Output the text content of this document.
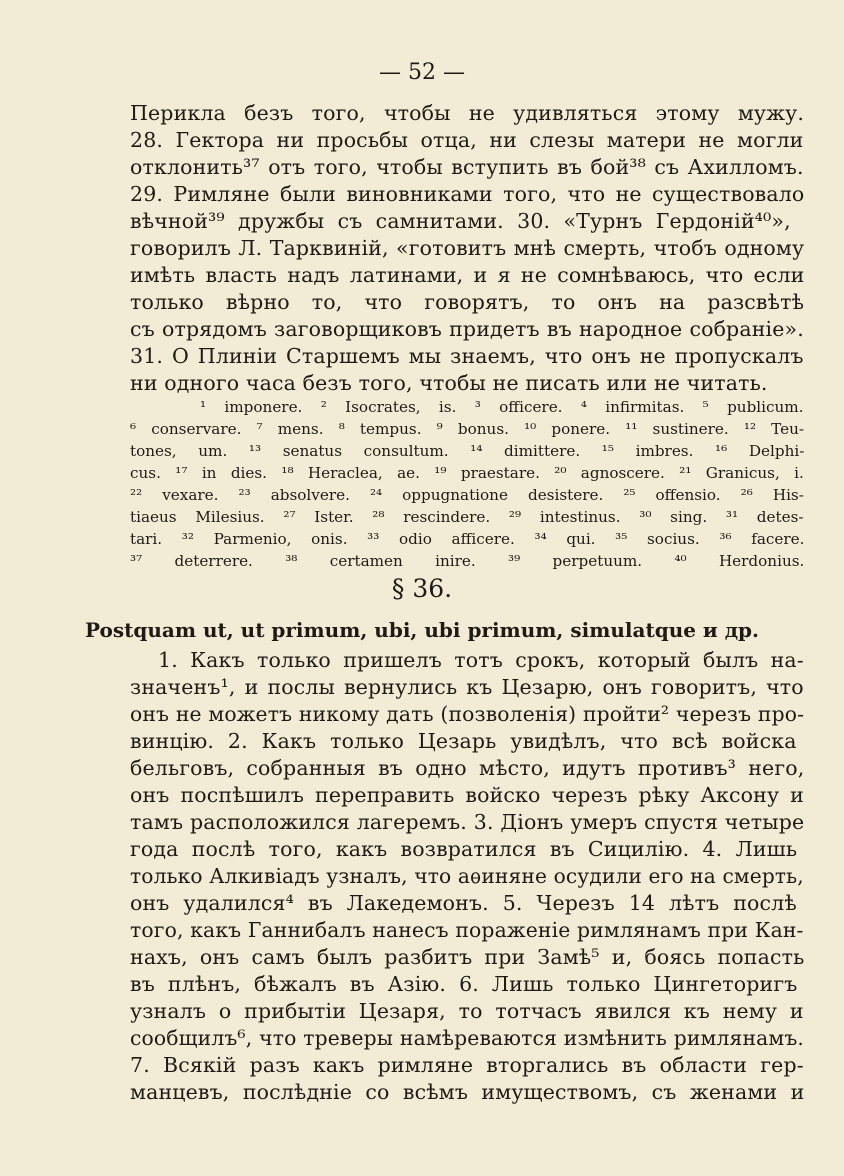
— 52 —
Перикла безъ того, чтобы не удивляться этому мужу.
28. Гектора ни просьбы отца, ни слезы матери не могли
отклонить³⁷ отъ того, чтобы вступить въ бой³⁸ съ Ахилломъ.
29. Римляне были виновниками того, что не существовало
вѣчной³⁹ дружбы съ самнитами. 30. «Турнъ Гердоній⁴⁰»,
говорилъ Л. Тарквиній, «готовитъ мнѣ смерть, чтобъ одному
имѣть власть надъ латинами, и я не сомнѣваюсь, что если
только вѣрно то, что говорятъ, то онъ на разсвѣтѣ
съ отрядомъ заговорщиковъ придетъ въ народное собраніе».
31. О Плиніи Старшемъ мы знаемъ, что онъ не пропускалъ
ни одного часа безъ того, чтобы не писать или не читать.
¹ imponere. ² Isocrates, is. ³ officere. ⁴ infirmitas. ⁵ publicum.
⁶ conservare. ⁷ mens. ⁸ tempus. ⁹ bonus. ¹⁰ ponere. ¹¹ sustinere. ¹² Teu-
tones, um. ¹³ senatus consultum. ¹⁴ dimittere. ¹⁵ imbres. ¹⁶ Delphi-
cus. ¹⁷ in dies. ¹⁸ Heraclea, ae. ¹⁹ praestare. ²⁰ agnoscere. ²¹ Granicus, i.
²² vexare. ²³ absolvere. ²⁴ oppugnatione desistere. ²⁵ offensio. ²⁶ His-
tiaeus Milesius. ²⁷ Ister. ²⁸ rescindere. ²⁹ intestinus. ³⁰ sing. ³¹ detes-
tari. ³² Parmenio, onis. ³³ odio afficere. ³⁴ qui. ³⁵ socius. ³⁶ facere.
³⁷ deterrere. ³⁸ certamen inire. ³⁹ perpetuum. ⁴⁰ Herdonius.
§ 36.
Postquam ut, ut primum, ubi, ubi primum, simulatque и др.
1. Какъ только пришелъ тотъ срокъ, который былъ на-
значенъ¹, и послы вернулись къ Цезарю, онъ говоритъ, что
онъ не можетъ никому дать (позволенія) пройти² черезъ про-
винцію. 2. Какъ только Цезарь увидѣлъ, что всѣ войска
бельговъ, собранныя въ одно мѣсто, идутъ противъ³ него,
онъ поспѣшилъ переправить войско черезъ рѣку Аксону и
тамъ расположился лагеремъ. 3. Діонъ умеръ спустя четыре
года послѣ того, какъ возвратился въ Сицилію. 4. Лишь
только Алкивіадъ узналъ, что аѳиняне осудили его на смерть,
онъ удалился⁴ въ Лакедемонъ. 5. Черезъ 14 лѣтъ послѣ
того, какъ Ганнибалъ нанесъ пораженіе римлянамъ при Кан-
нахъ, онъ самъ былъ разбитъ при Замѣ⁵ и, боясь попасть
въ плѣнъ, бѣжалъ въ Азію. 6. Лишь только Цингеторигъ
узналъ о прибытіи Цезаря, то тотчасъ явился къ нему и
сообщилъ⁶, что треверы намѣреваются измѣнить римлянамъ.
7. Всякій разъ какъ римляне вторгались въ области гер-
манцевъ, послѣдніе со всѣмъ имуществомъ, съ женами и
